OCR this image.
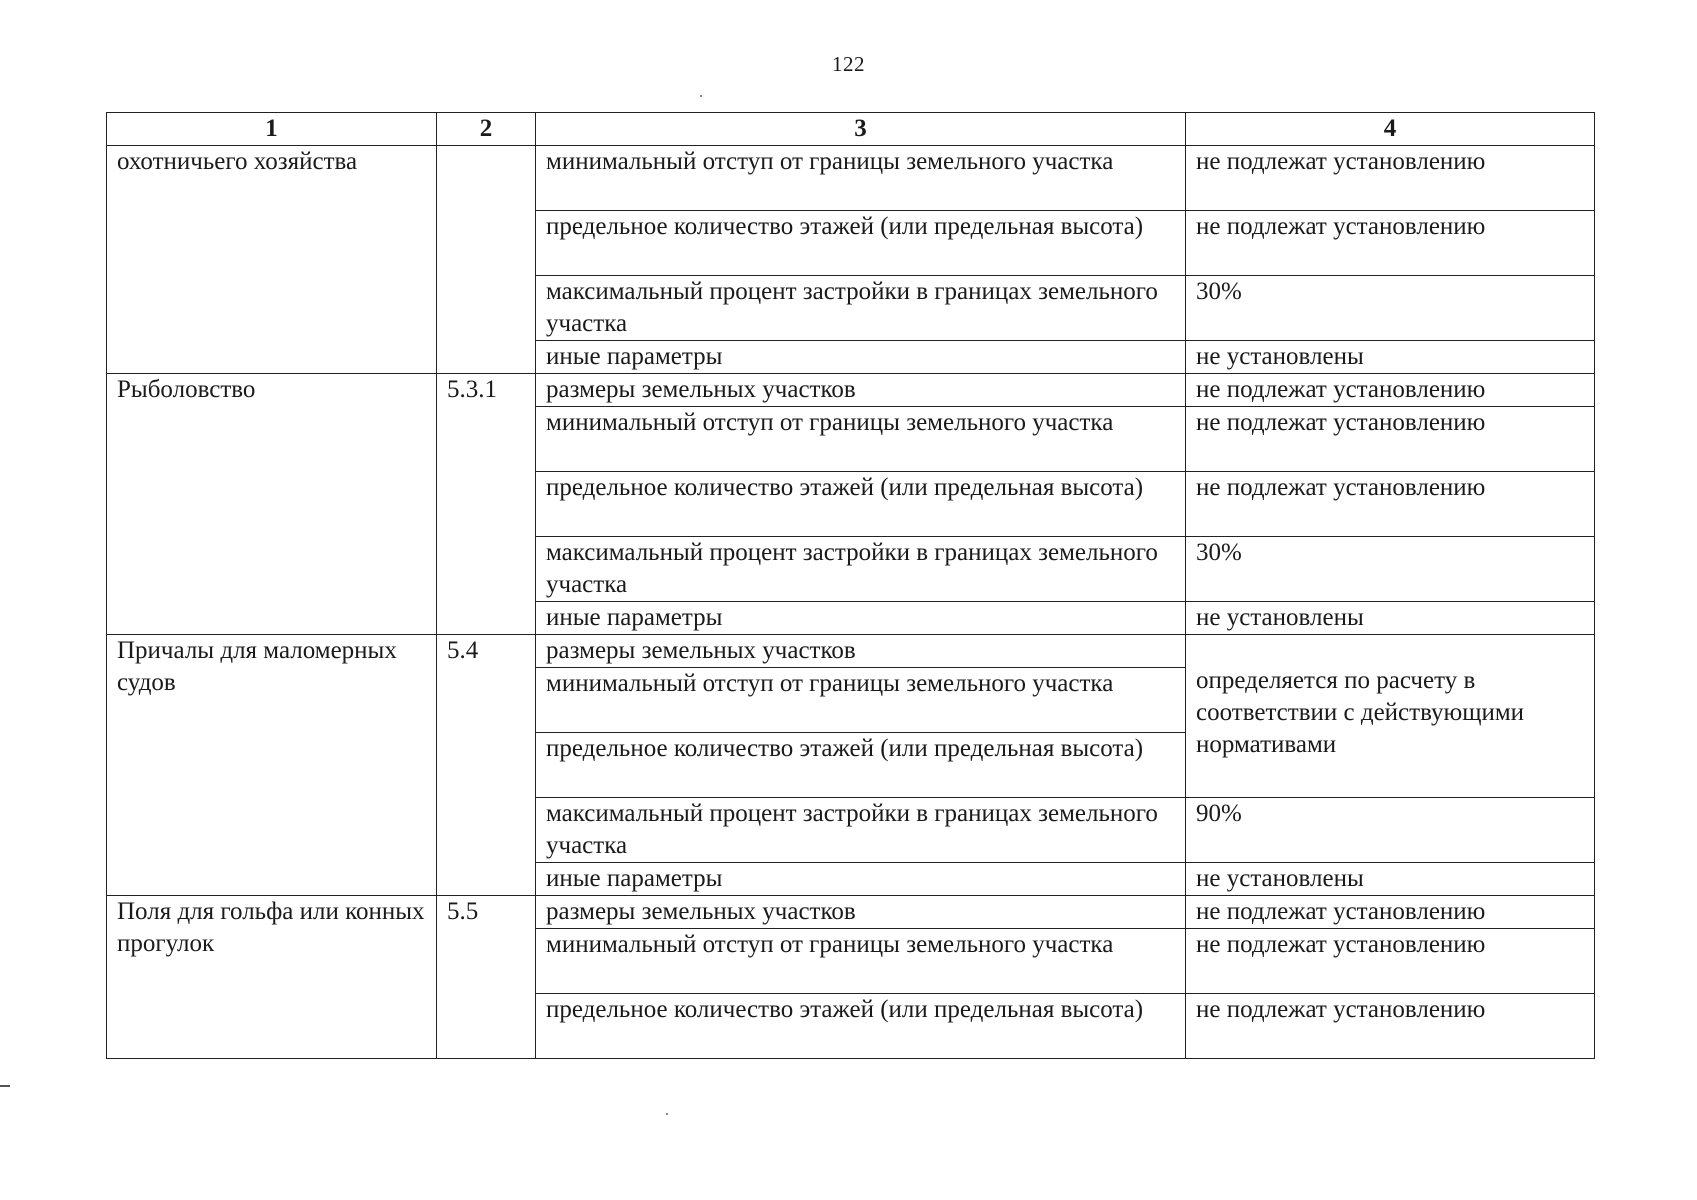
122
1	2	3	4
охотничьего хозяйства		минимальный отступ от границы земельного участка	не подлежат установлению
		предельное количество этажей (или предельная высота)	не подлежат установлению
		максимальный процент застройки в границах земельного участка	30%
		иные параметры	не установлены
Рыболовство	5.3.1	размеры земельных участков	не подлежат установлению
		минимальный отступ от границы земельного участка	не подлежат установлению
		предельное количество этажей (или предельная высота)	не подлежат установлению
		максимальный процент застройки в границах земельного участка	30%
		иные параметры	не установлены
Причалы для маломерных судов	5.4	размеры земельных участков	определяется по расчету в соответствии с действующими нормативами
		минимальный отступ от границы земельного участка	
		предельное количество этажей (или предельная высота)	
		максимальный процент застройки в границах земельного участка	90%
		иные параметры	не установлены
Поля для гольфа или конных прогулок	5.5	размеры земельных участков	не подлежат установлению
		минимальный отступ от границы земельного участка	не подлежат установлению
		предельное количество этажей (или предельная высота)	не подлежат установлению
